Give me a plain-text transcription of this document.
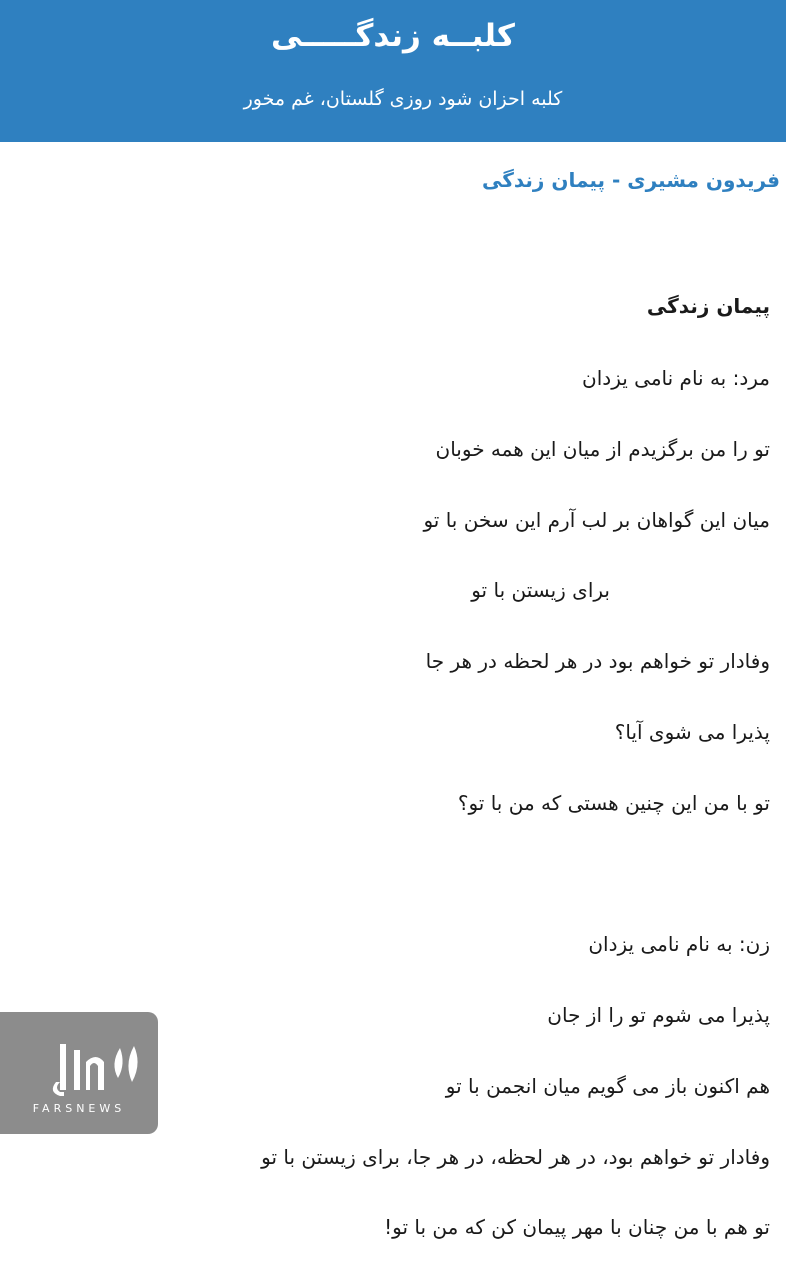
کلبــه زندگـــــی
کلبه احزان شود روزی گلستان، غم مخور
فریدون مشیری - پیمان زندگی
پیمان زندگی
مرد: به نام نامی یزدان
تو را من برگزیدم از میان این همه خوبان
میان این گواهان بر لب آرم این سخن با تو
برای زیستن با تو
وفادار تو خواهم بود در هر لحظه در هر جا
پذیرا می شوی آیا؟
تو با من این چنین هستی که من با تو؟
زن: به نام نامی یزدان
پذیرا می شوم تو را از جان
هم اکنون باز می گویم میان انجمن با تو
وفادار تو خواهم بود، در هر لحظه، در هر جا، برای زیستن با تو
تو هم با من چنان با مهر پیمان کن که من با تو!
FARSNEWS
